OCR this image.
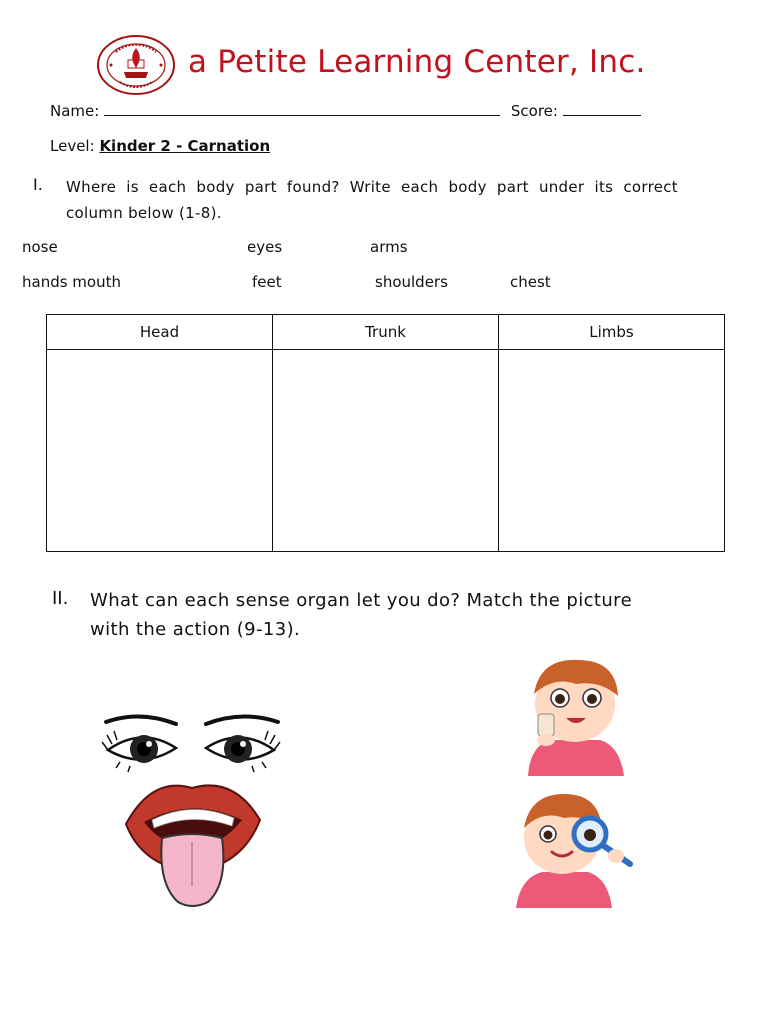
a Petite Learning Center, Inc.
Name:	Score:
Level: Kinder 2 - Carnation
I. Where is each body part found? Write each body part under its correct column below (1-8).
nose	eyes	arms
hands mouth	feet	shoulders	chest
Head	Trunk	Limbs

II. What can each sense organ let you do? Match the picture with the action (9-13).
